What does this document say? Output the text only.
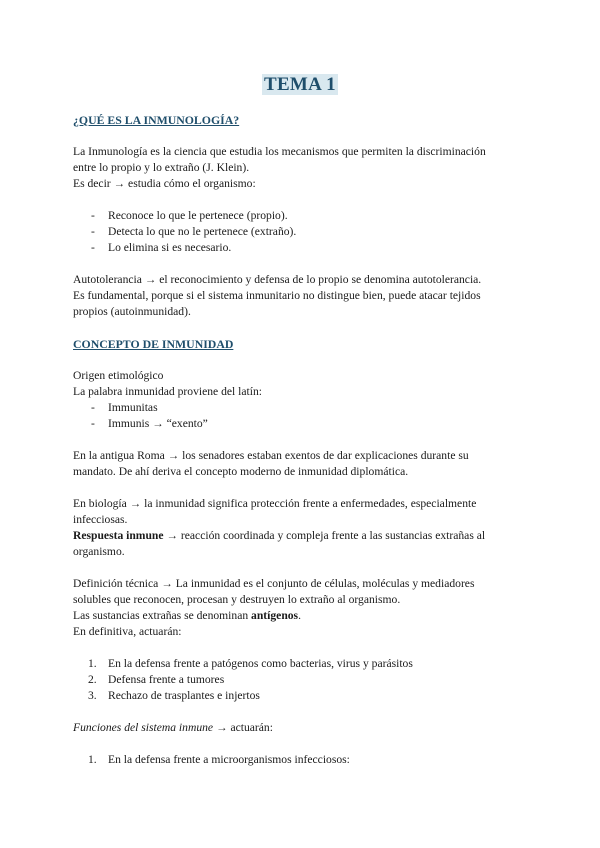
TEMA 1

¿QUÉ ES LA INMUNOLOGÍA?

La Inmunología es la ciencia que estudia los mecanismos que permiten la discriminación

entre lo propio y lo extraño (J. Klein).

Es decir → estudia cómo el organismo:

- Reconoce lo que le pertenece (propio).
- Detecta lo que no le pertenece (extraño).
- Lo elimina si es necesario.

Autotolerancia → el reconocimiento y defensa de lo propio se denomina autotolerancia.

Es fundamental, porque si el sistema inmunitario no distingue bien, puede atacar tejidos

propios (autoinmunidad).

CONCEPTO DE INMUNIDAD

Origen etimológico

La palabra inmunidad proviene del latín:

- Immunitas
- Immunis → “exento”

En la antigua Roma → los senadores estaban exentos de dar explicaciones durante su

mandato. De ahí deriva el concepto moderno de inmunidad diplomática.

En biología → la inmunidad significa protección frente a enfermedades, especialmente

infecciosas.

Respuesta inmune → reacción coordinada y compleja frente a las sustancias extrañas al

organismo.

Definición técnica → La inmunidad es el conjunto de células, moléculas y mediadores

solubles que reconocen, procesan y destruyen lo extraño al organismo.

Las sustancias extrañas se denominan antígenos.

En definitiva, actuarán:

1. En la defensa frente a patógenos como bacterias, virus y parásitos
2. Defensa frente a tumores
3. Rechazo de trasplantes e injertos

Funciones del sistema inmune → actuarán:

1. En la defensa frente a microorganismos infecciosos:
